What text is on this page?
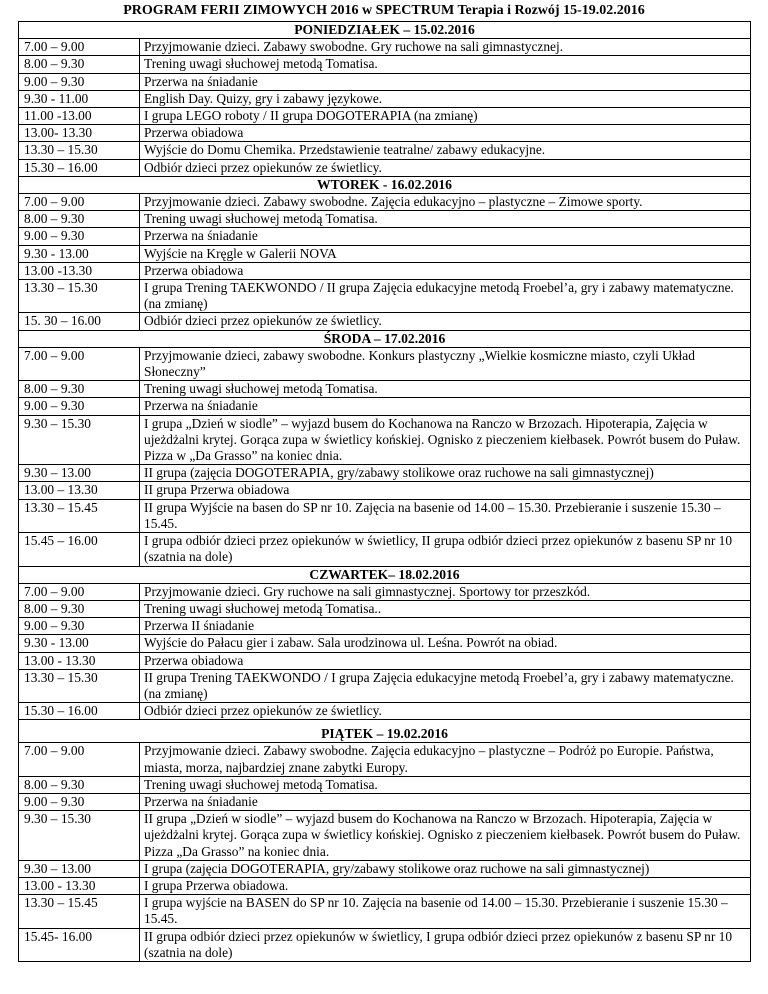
PROGRAM FERII ZIMOWYCH 2016 w SPECTRUM Terapia i Rozwój 15-19.02.2016
PONIEDZIAŁEK – 15.02.2016	
7.00 – 9.00	Przyjmowanie dzieci. Zabawy swobodne. Gry ruchowe na sali gimnastycznej.
8.00 – 9.30	Trening uwagi słuchowej metodą Tomatisa.
9.00 – 9.30	Przerwa na śniadanie
9.30 - 11.00	English Day. Quizy, gry i zabawy językowe.
11.00 -13.00	I grupa LEGO roboty / II grupa DOGOTERAPIA (na zmianę)
13.00- 13.30	Przerwa obiadowa
13.30 – 15.30	Wyjście do Domu Chemika. Przedstawienie teatralne/ zabawy edukacyjne.
15.30 – 16.00	Odbiór dzieci przez opiekunów ze świetlicy.
WTOREK - 16.02.2016	
7.00 – 9.00	Przyjmowanie dzieci. Zabawy swobodne. Zajęcia edukacyjno – plastyczne – Zimowe sporty.
8.00 – 9.30	Trening uwagi słuchowej metodą Tomatisa.
9.00 – 9.30	Przerwa na śniadanie
9.30 - 13.00	Wyjście na Kręgle w Galerii NOVA
13.00 -13.30	Przerwa obiadowa
13.30 – 15.30	I grupa Trening TAEKWONDO / II grupa Zajęcia edukacyjne metodą Froebel’a, gry i zabawy matematyczne. (na zmianę)
15. 30 – 16.00	Odbiór dzieci przez opiekunów ze świetlicy.
ŚRODA – 17.02.2016	
7.00 – 9.00	Przyjmowanie dzieci, zabawy swobodne. Konkurs plastyczny „Wielkie kosmiczne miasto, czyli Układ Słoneczny”
8.00 – 9.30	Trening uwagi słuchowej metodą Tomatisa.
9.00 – 9.30	Przerwa na śniadanie
9.30 – 15.30	I grupa „Dzień w siodle” – wyjazd busem do Kochanowa na Ranczo w Brzozach. Hipoterapia, Zajęcia w ujeżdżalni krytej. Gorąca zupa w świetlicy końskiej. Ognisko z pieczeniem kiełbasek. Powrót busem do Puław. Pizza w „Da Grasso” na koniec dnia.
9.30 – 13.00	II grupa (zajęcia DOGOTERAPIA, gry/zabawy stolikowe oraz ruchowe na sali gimnastycznej)
13.00 – 13.30	II grupa Przerwa obiadowa
13.30 – 15.45	II grupa Wyjście na basen do SP nr 10. Zajęcia na basenie od 14.00 – 15.30. Przebieranie i suszenie 15.30 – 15.45.
15.45 – 16.00	I grupa odbiór dzieci przez opiekunów w świetlicy, II grupa odbiór dzieci przez opiekunów z basenu SP nr 10 (szatnia na dole)
CZWARTEK– 18.02.2016	
7.00 – 9.00	Przyjmowanie dzieci. Gry ruchowe na sali gimnastycznej. Sportowy tor przeszkód.
8.00 – 9.30	Trening uwagi słuchowej metodą Tomatisa..
9.00 – 9.30	Przerwa II śniadanie
9.30 - 13.00	Wyjście do Pałacu gier i zabaw. Sala urodzinowa ul. Leśna. Powrót na obiad.
13.00 - 13.30	Przerwa obiadowa
13.30 – 15.30	II grupa Trening TAEKWONDO / I grupa Zajęcia edukacyjne metodą Froebel’a, gry i zabawy matematyczne. (na zmianę)
15.30 – 16.00	Odbiór dzieci przez opiekunów ze świetlicy.
PIĄTEK – 19.02.2016	
7.00 – 9.00	Przyjmowanie dzieci. Zabawy swobodne. Zajęcia edukacyjno – plastyczne – Podróż po Europie. Państwa, miasta, morza, najbardziej znane zabytki Europy.
8.00 – 9.30	Trening uwagi słuchowej metodą Tomatisa.
9.00 – 9.30	Przerwa na śniadanie
9.30 – 15.30	II grupa „Dzień w siodle” – wyjazd busem do Kochanowa na Ranczo w Brzozach. Hipoterapia, Zajęcia w ujeżdżalni krytej. Gorąca zupa w świetlicy końskiej. Ognisko z pieczeniem kiełbasek. Powrót busem do Puław. Pizza „Da Grasso” na koniec dnia.
9.30 – 13.00	I grupa (zajęcia DOGOTERAPIA, gry/zabawy stolikowe oraz ruchowe na sali gimnastycznej)
13.00 - 13.30	I grupa Przerwa obiadowa.
13.30 – 15.45	I grupa wyjście na BASEN do SP nr 10. Zajęcia na basenie od 14.00 – 15.30. Przebieranie i suszenie 15.30 – 15.45.
15.45- 16.00	II grupa odbiór dzieci przez opiekunów w świetlicy, I grupa odbiór dzieci przez opiekunów z basenu SP nr 10 (szatnia na dole)
